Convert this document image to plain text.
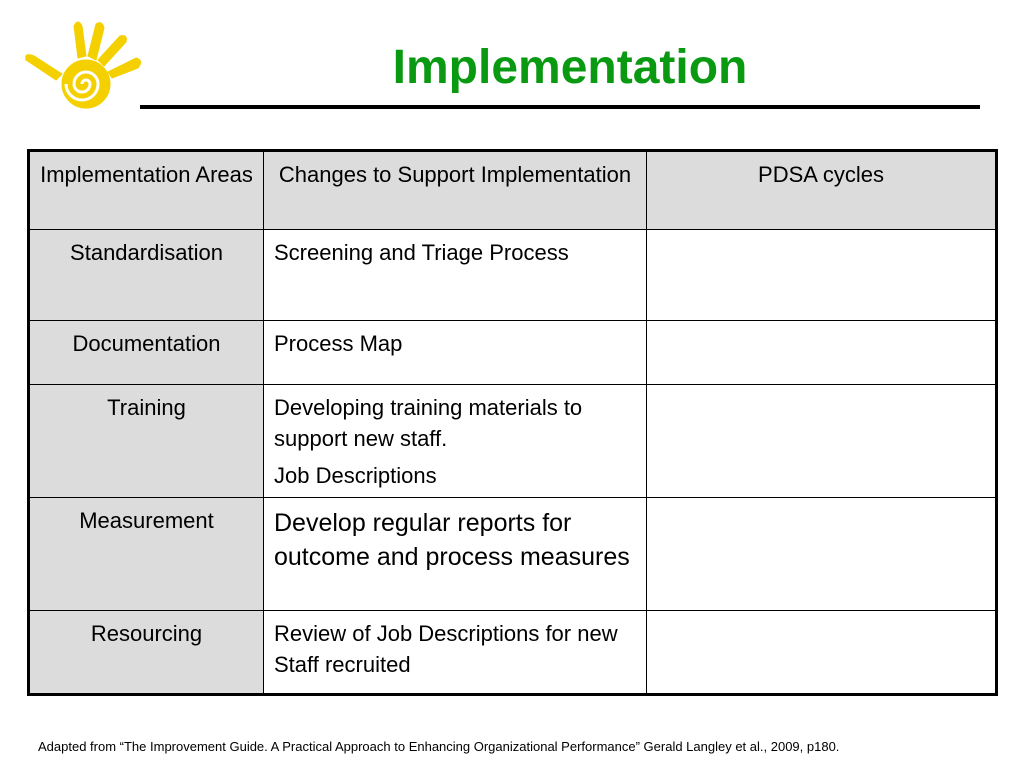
Implementation
Implementation Areas	Changes to Support Implementation	PDSA cycles
Standardisation	Screening and Triage Process	

Documentation	Process Map	

Training	Developing training materials to support new staff.
Job Descriptions	

Measurement	Develop regular reports for outcome and process measures	

Resourcing	Review of Job Descriptions for new Staff recruited	

Adapted from “The Improvement Guide. A Practical Approach to Enhancing Organizational Performance” Gerald Langley et al., 2009, p180.
